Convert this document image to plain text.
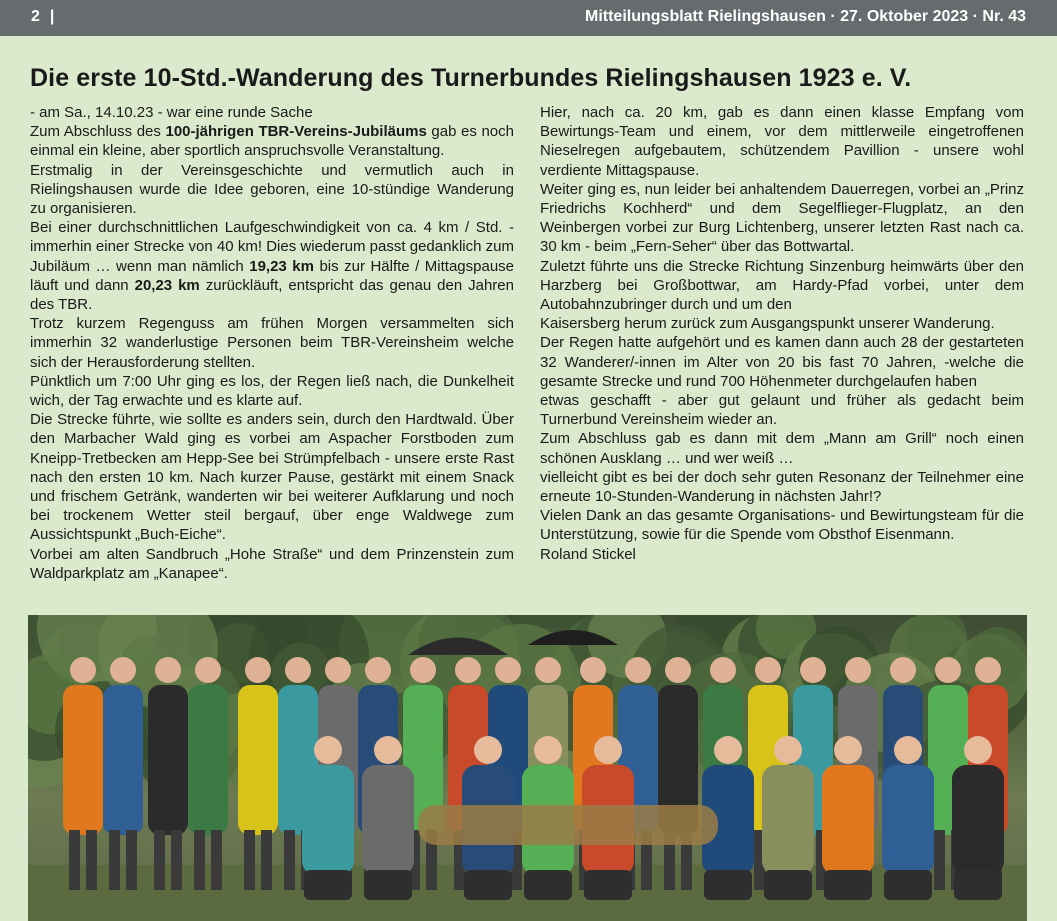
2 |	Mitteilungsblatt Rielingshausen · 27. Oktober 2023 · Nr. 43
Die erste 10-Std.-Wanderung des Turnerbundes Rielingshausen 1923 e. V.

- am Sa., 14.10.23 - war eine runde Sache

Zum Abschluss des 100-jährigen TBR-Vereins-Jubiläums gab es noch einmal ein kleine, aber sportlich anspruchsvolle Veranstaltung.

Erstmalig in der Vereinsgeschichte und vermutlich auch in Rielingshausen wurde die Idee geboren, eine 10-stündige Wanderung zu organisieren.

Bei einer durchschnittlichen Laufgeschwindigkeit von ca. 4 km / Std. - immerhin einer Strecke von 40 km! Dies wiederum passt gedanklich zum Jubiläum … wenn man nämlich 19,23 km bis zur Hälfte / Mittagspause läuft und dann 20,23 km zurückläuft, entspricht das genau den Jahren des TBR.

Trotz kurzem Regenguss am frühen Morgen versammelten sich immerhin 32 wanderlustige Personen beim TBR-Vereinsheim welche sich der Herausforderung stellten.

Pünktlich um 7:00 Uhr ging es los, der Regen ließ nach, die Dunkelheit wich, der Tag erwachte und es klarte auf.

Die Strecke führte, wie sollte es anders sein, durch den Hardtwald. Über den Marbacher Wald ging es vorbei am Aspacher Forstboden zum Kneipp-Tretbecken am Hepp-See bei Strümpfelbach - unsere erste Rast nach den ersten 10 km. Nach kurzer Pause, gestärkt mit einem Snack und frischem Getränk, wanderten wir bei weiterer Aufklarung und noch bei trockenem Wetter steil bergauf, über enge Waldwege zum Aussichtspunkt „Buch-Eiche“.

Vorbei am alten Sandbruch „Hohe Straße“ und dem Prinzenstein zum Waldparkplatz am „Kanapee“.

Hier, nach ca. 20 km, gab es dann einen klasse Empfang vom Bewirtungs-Team und einem, vor dem mittlerweile eingetroffenen Nieselregen aufgebautem, schützendem Pavillion - unsere wohl verdiente Mittagspause.

Weiter ging es, nun leider bei anhaltendem Dauerregen, vorbei an „Prinz Friedrichs Kochherd“ und dem Segelflieger-Flugplatz, an den Weinbergen vorbei zur Burg Lichtenberg, unserer letzten Rast nach ca. 30 km - beim „Fern-Seher“ über das Bottwartal.

Zuletzt führte uns die Strecke Richtung Sinzenburg heimwärts über den Harzberg bei Großbottwar, am Hardy-Pfad vorbei, unter dem Autobahnzubringer durch und um den

Kaisersberg herum zurück zum Ausgangspunkt unserer Wanderung.

Der Regen hatte aufgehört und es kamen dann auch 28 der gestarteten 32 Wanderer/-innen im Alter von 20 bis fast 70 Jahren, -welche die gesamte Strecke und rund 700 Höhenmeter durchgelaufen haben

etwas geschafft - aber gut gelaunt und früher als gedacht beim Turnerbund Vereinsheim wieder an.

Zum Abschluss gab es dann mit dem „Mann am Grill“ noch einen schönen Ausklang … und wer weiß …

vielleicht gibt es bei der doch sehr guten Resonanz der Teilnehmer eine erneute 10-Stunden-Wanderung in nächsten Jahr!?

Vielen Dank an das gesamte Organisations- und Bewirtungsteam für die Unterstützung, sowie für die Spende vom Obsthof Eisenmann.

Roland Stickel
